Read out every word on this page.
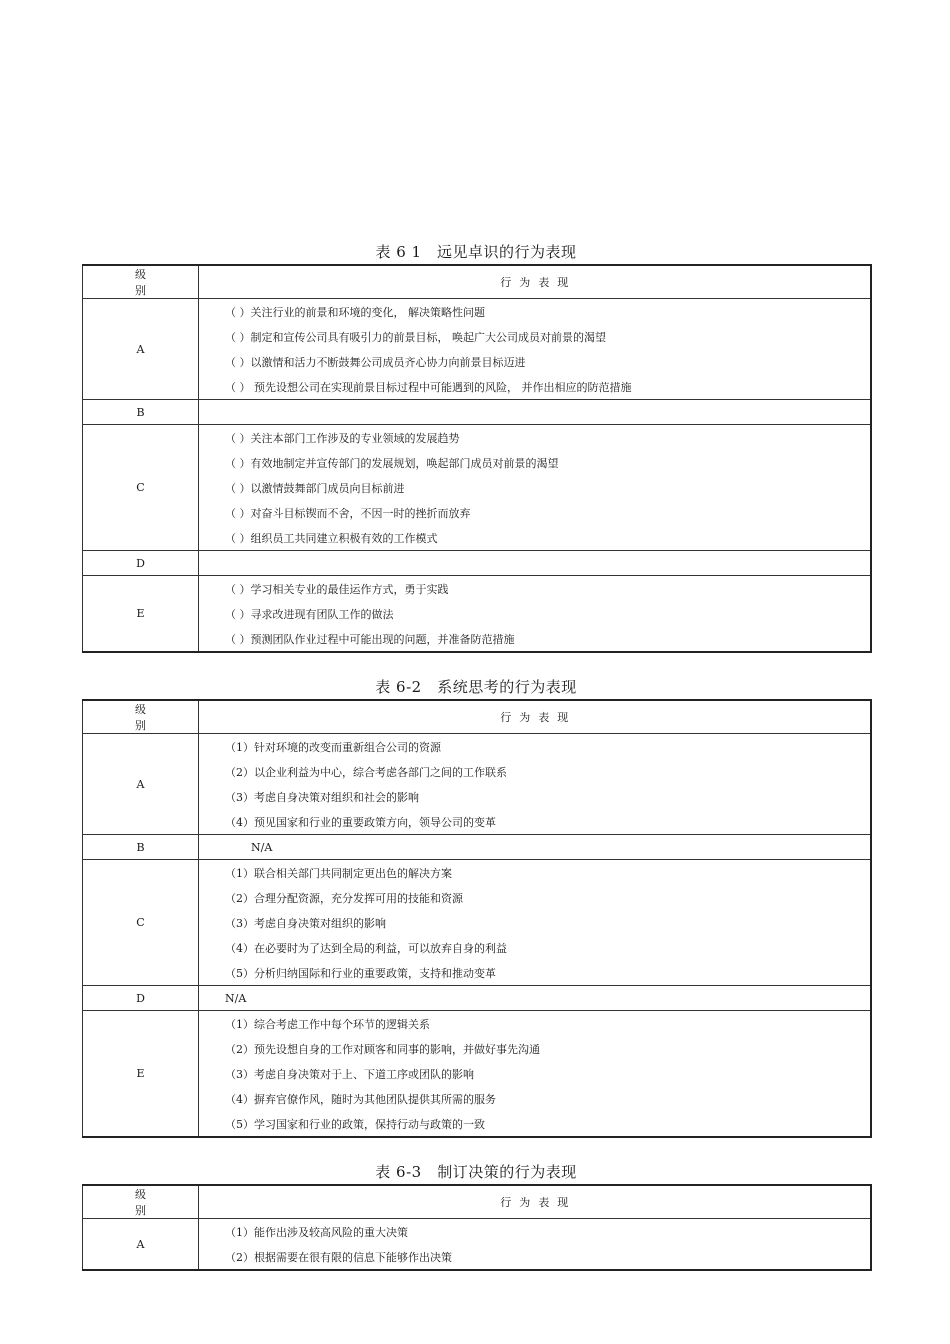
表 6 1　远见卓识的行为表现
级别	行为表现
A	（ ）关注行业的前景和环境的变化， 解决策略性问题
（ ）制定和宣传公司具有吸引力的前景目标， 唤起广大公司成员对前景的渴望
（ ）以激情和活力不断鼓舞公司成员齐心协力向前景目标迈进
（ ） 预先设想公司在实现前景目标过程中可能遇到的风险， 并作出相应的防范措施

B	
C	（ ）关注本部门工作涉及的专业领域的发展趋势
（ ）有效地制定并宣传部门的发展规划，唤起部门成员对前景的渴望
（ ）以激情鼓舞部门成员向目标前进
（ ）对奋斗目标锲而不舍，不因一时的挫折而放弃
（ ）组织员工共同建立积极有效的工作模式

D	
E	（ ）学习相关专业的最佳运作方式，勇于实践
（ ）寻求改进现有团队工作的做法
（ ）预测团队作业过程中可能出现的问题，并准备防范措施
表 6-2　系统思考的行为表现
级别	行为表现
A	（1）针对环境的改变而重新组合公司的资源
（2）以企业利益为中心，综合考虑各部门之间的工作联系
（3）考虑自身决策对组织和社会的影响
（4）预见国家和行业的重要政策方向，领导公司的变革

B	N/A

C	（1）联合相关部门共同制定更出色的解决方案
（2）合理分配资源，充分发挥可用的技能和资源
（3）考虑自身决策对组织的影响
（4）在必要时为了达到全局的利益，可以放弃自身的利益
（5）分析归纳国际和行业的重要政策，支持和推动变革

D	N/A

E	（1）综合考虑工作中每个环节的逻辑关系
（2）预先设想自身的工作对顾客和同事的影响，并做好事先沟通
（3）考虑自身决策对于上、下道工序或团队的影响
（4）摒弃官僚作风，随时为其他团队提供其所需的服务
（5）学习国家和行业的政策，保持行动与政策的一致
表 6-3　制订决策的行为表现
级别	行为表现
A	（1）能作出涉及较高风险的重大决策
（2）根据需要在很有限的信息下能够作出决策
